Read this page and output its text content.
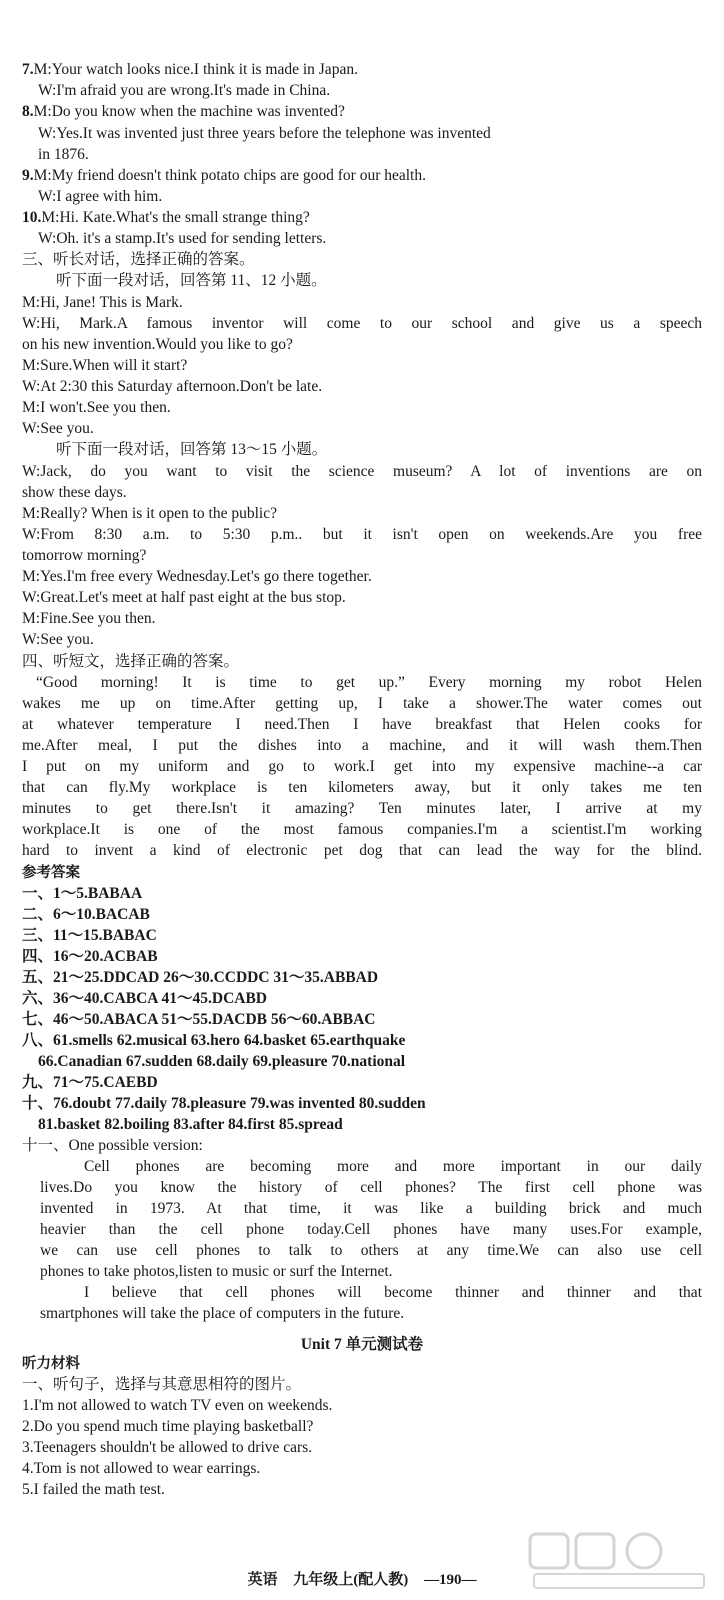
7.M:Your watch looks nice.I think it is made in Japan.
W:I'm afraid you are wrong.It's made in China.
8.M:Do you know when the machine was invented?
W:Yes.It was invented just three years before the telephone was invented
in 1876.
9.M:My friend doesn't think potato chips are good for our health.
W:I agree with him.
10.M:Hi. Kate.What's the small strange thing?
W:Oh. it's a stamp.It's used for sending letters.
三、听长对话，选择正确的答案。
听下面一段对话，回答第 11、12 小题。
M:Hi, Jane! This is Mark.
W:Hi, Mark.A famous inventor will come to our school and give us a speech
on his new invention.Would you like to go?
M:Sure.When will it start?
W:At 2:30 this Saturday afternoon.Don't be late.
M:I won't.See you then.
W:See you.
听下面一段对话，回答第 13～15 小题。
W:Jack, do you want to visit the science museum? A lot of inventions are on
show these days.
M:Really? When is it open to the public?
W:From 8:30 a.m. to 5:30 p.m.. but it isn't open on weekends.Are you free
tomorrow morning?
M:Yes.I'm free every Wednesday.Let's go there together.
W:Great.Let's meet at half past eight at the bus stop.
M:Fine.See you then.
W:See you.
四、听短文，选择正确的答案。
“Good morning! It is time to get up.” Every morning my robot Helen
wakes me up on time.After getting up, I take a shower.The water comes out
at whatever temperature I need.Then I have breakfast that Helen cooks for
me.After meal, I put the dishes into a machine, and it will wash them.Then
I put on my uniform and go to work.I get into my expensive machine--a car
that can fly.My workplace is ten kilometers away, but it only takes me ten
minutes to get there.Isn't it amazing? Ten minutes later, I arrive at my
workplace.It is one of the most famous companies.I'm a scientist.I'm working
hard to invent a kind of electronic pet dog that can lead the way for the blind.
参考答案
一、1～5.BABAA
二、6～10.BACAB
三、11～15.BABAC
四、16～20.ACBAB
五、21～25.DDCAD 26～30.CCDDC 31～35.ABBAD
六、36～40.CABCA 41～45.DCABD
七、46～50.ABACA 51～55.DACDB 56～60.ABBAC
八、61.smells 62.musical 63.hero 64.basket 65.earthquake
66.Canadian 67.sudden 68.daily 69.pleasure 70.national
九、71～75.CAEBD
十、76.doubt 77.daily 78.pleasure 79.was invented 80.sudden
81.basket 82.boiling 83.after 84.first 85.spread
十一、One possible version:
Cell phones are becoming more and more important in our daily
lives.Do you know the history of cell phones? The first cell phone was
invented in 1973. At that time, it was like a building brick and much
heavier than the cell phone today.Cell phones have many uses.For example,
we can use cell phones to talk to others at any time.We can also use cell
phones to take photos,listen to music or surf the Internet.
I believe that cell phones will become thinner and thinner and that
smartphones will take the place of computers in the future.
Unit 7 单元测试卷
听力材料
一、听句子，选择与其意思相符的图片。
1.I'm not allowed to watch TV even on weekends.
2.Do you spend much time playing basketball?
3.Teenagers shouldn't be allowed to drive cars.
4.Tom is not allowed to wear earrings.
5.I failed the math test.
英语 九年级上(配人教) —190—
